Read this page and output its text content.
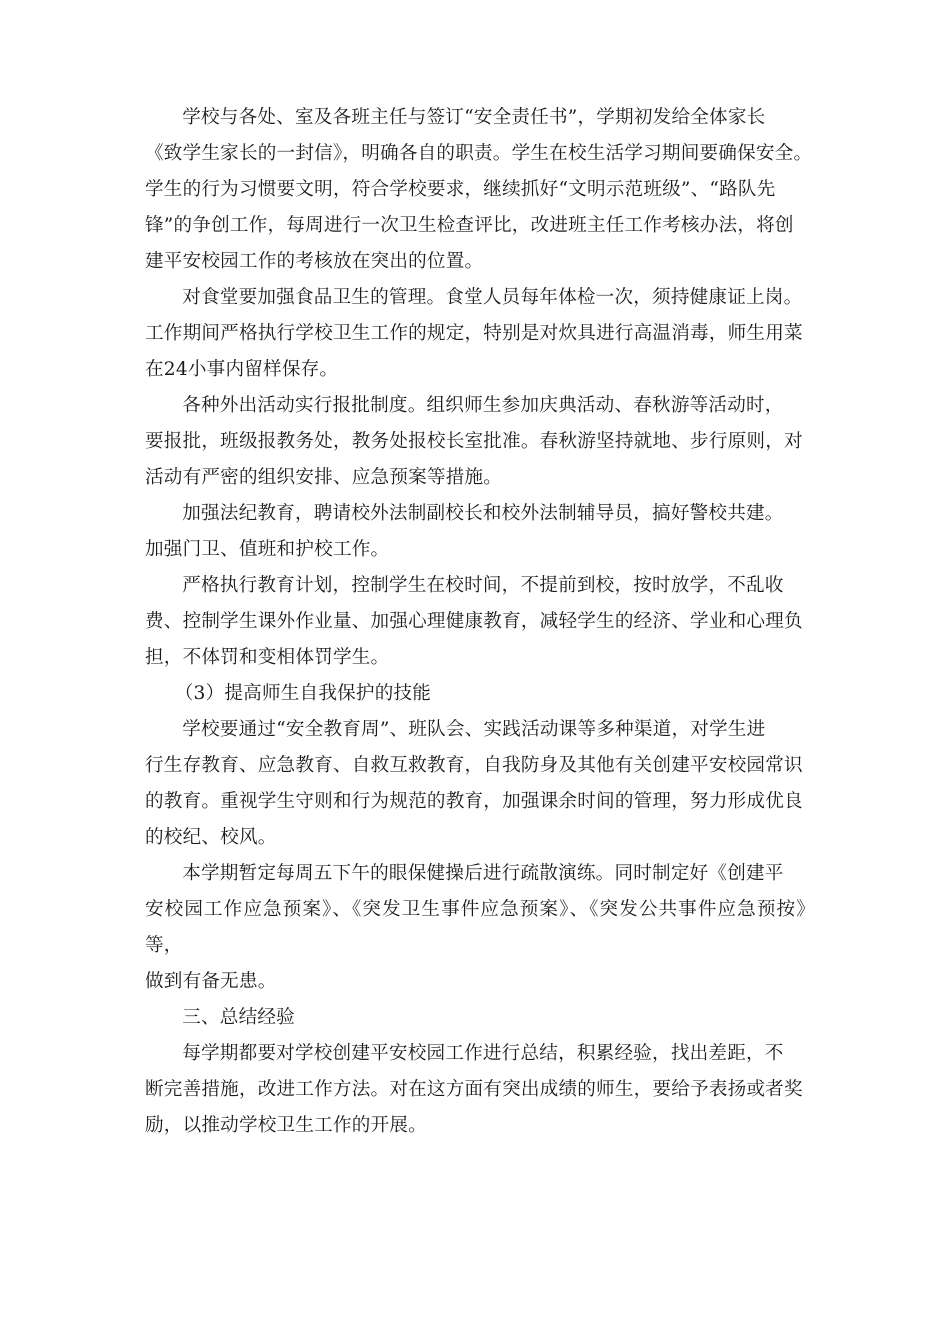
学校与各处、室及各班主任与签订“安全责任书”，学期初发给全体家长
《致学生家长的一封信》，明确各自的职责。学生在校生活学习期间要确保安全。
学生的行为习惯要文明，符合学校要求，继续抓好“文明示范班级”、“路队先
锋”的争创工作，每周进行一次卫生检查评比，改进班主任工作考核办法，将创
建平安校园工作的考核放在突出的位置。

对食堂要加强食品卫生的管理。食堂人员每年体检一次，须持健康证上岗。
工作期间严格执行学校卫生工作的规定，特别是对炊具进行高温消毒，师生用菜
在24小事内留样保存。

各种外出活动实行报批制度。组织师生参加庆典活动、春秋游等活动时，
要报批，班级报教务处，教务处报校长室批准。春秋游坚持就地、步行原则，对
活动有严密的组织安排、应急预案等措施。

加强法纪教育，聘请校外法制副校长和校外法制辅导员，搞好警校共建。
加强门卫、值班和护校工作。

严格执行教育计划，控制学生在校时间，不提前到校，按时放学，不乱收
费、控制学生课外作业量、加强心理健康教育，减轻学生的经济、学业和心理负
担，不体罚和变相体罚学生。

（3）提高师生自我保护的技能

学校要通过“安全教育周”、班队会、实践活动课等多种渠道，对学生进
行生存教育、应急教育、自救互救教育，自我防身及其他有关创建平安校园常识
的教育。重视学生守则和行为规范的教育，加强课余时间的管理，努力形成优良
的校纪、校风。

本学期暂定每周五下午的眼保健操后进行疏散演练。同时制定好《创建平
安校园工作应急预案》、《突发卫生事件应急预案》、《突发公共事件应急预按》等，
做到有备无患。

三、总结经验

每学期都要对学校创建平安校园工作进行总结，积累经验，找出差距，不
断完善措施，改进工作方法。对在这方面有突出成绩的师生，要给予表扬或者奖
励，以推动学校卫生工作的开展。
